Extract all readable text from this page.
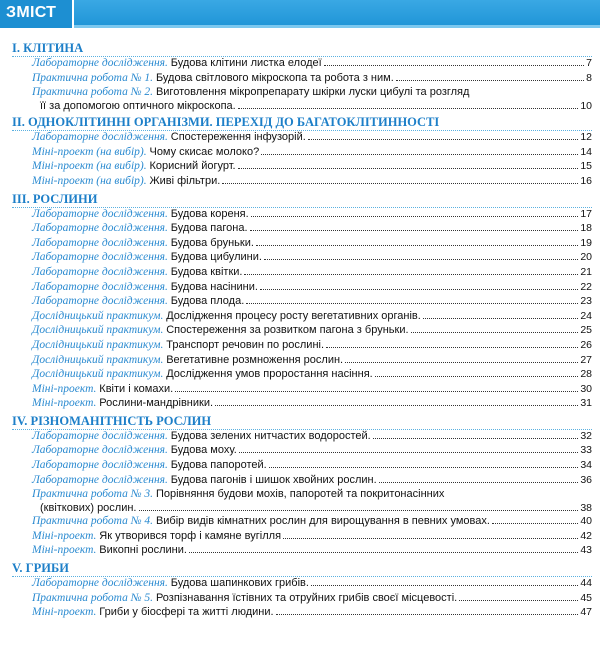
ЗМІСТ
І. КЛІТИНА
Лабораторне дослідження. Будова клітини листка елодеї	7
Практична робота № 1. Будова світлового мікроскопа та робота з ним.	8
Практична робота № 2. Виготовлення мікропрепарату шкірки луски цибулі та розгляд
її за допомогою оптичного мікроскопа.	10
ІІ. ОДНОКЛІТИННІ ОРГАНІЗМИ. ПЕРЕХІД ДО БАГАТОКЛІТИННОСТІ
Лабораторне дослідження. Спостереження інфузорій.	12
Міні-проект (на вибір). Чому скисає молоко?	14
Міні-проект (на вибір). Корисний йогурт.	15
Міні-проект (на вибір). Живі фільтри.	16
ІІІ. РОСЛИНИ
Лабораторне дослідження. Будова кореня.	17
Лабораторне дослідження. Будова пагона.	18
Лабораторне дослідження. Будова бруньки.	19
Лабораторне дослідження. Будова цибулини.	20
Лабораторне дослідження. Будова квітки.	21
Лабораторне дослідження. Будова насінини.	22
Лабораторне дослідження. Будова плода.	23
Дослідницький практикум. Дослідження процесу росту вегетативних органів.	24
Дослідницький практикум. Спостереження за розвитком пагона з бруньки.	25
Дослідницький практикум. Транспорт речовин по рослині.	26
Дослідницький практикум. Вегетативне розмноження рослин.	27
Дослідницький практикум. Дослідження умов проростання насіння.	28
Міні-проект. Квіти і комахи.	30
Міні-проект. Рослини-мандрівники.	31
IV. РІЗНОМАНІТНІСТЬ РОСЛИН
Лабораторне дослідження. Будова зелених нитчастих водоростей.	32
Лабораторне дослідження. Будова моху.	33
Лабораторне дослідження. Будова папоротей.	34
Лабораторне дослідження. Будова пагонів і шишок хвойних рослин.	36
Практична робота № 3. Порівняння будови мохів, папоротей та покритонасінних
(квіткових) рослин.	38
Практична робота № 4. Вибір видів кімнатних рослин для вирощування в певних умовах.	40
Міні-проект. Як утворився торф і камяне вугілля	42
Міні-проект. Викопні рослини.	43
V. ГРИБИ
Лабораторне дослідження. Будова шапинкових грибів.	44
Практична робота № 5. Розпізнавання їстівних та отруйних грибів своєї місцевості.	45
Міні-проект. Гриби у біосфері та житті людини.	47
